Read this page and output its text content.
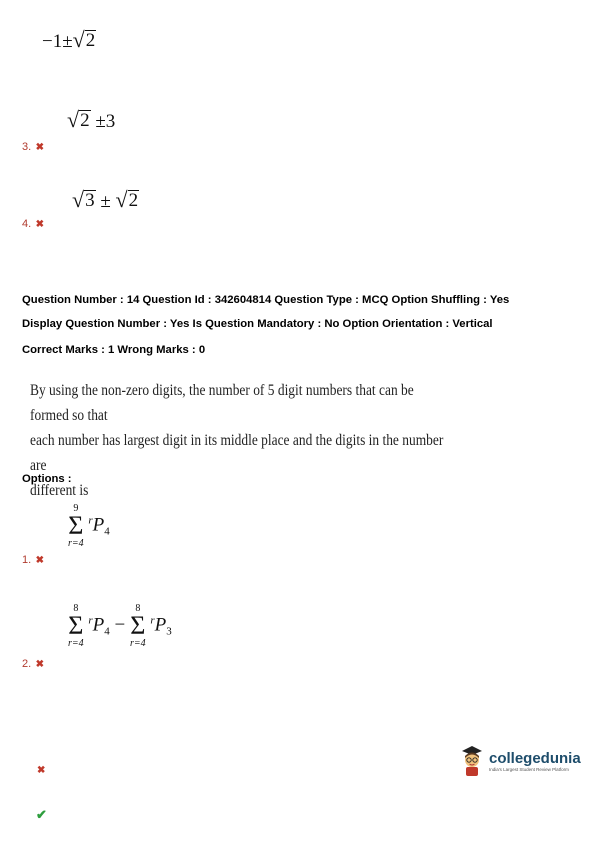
−1± √ 2
√ 2 ±3
3. ✖
√ 3 ± √ 2
4. ✖
Question Number : 14 Question Id : 342604814 Question Type : MCQ Option Shuffling : Yes
Display Question Number : Yes Is Question Mandatory : No Option Orientation : Vertical
Correct Marks : 1 Wrong Marks : 0
By using the non-zero digits, the number of 5 digit numbers that can be formed so that
each number has largest digit in its middle place and the digits in the number are
different is
Options :
9
Σ
r=4
$^rP_4$
1. ✖
8
Σ
r=4
$^rP_4$ −
8
Σ
r=4
$^rP_3$
2. ✖
✖
✔
collegedunia
India's Largest Student Review Platform
